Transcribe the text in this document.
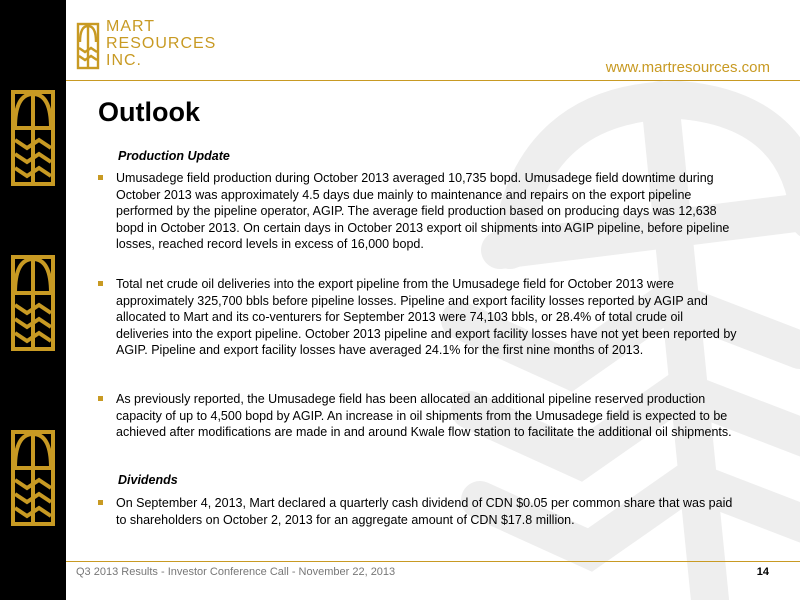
MART
RESOURCES
INC.	www.martresources.com
Outlook
Production Update
Umusadege field production during October 2013 averaged 10,735 bopd. Umusadege field downtime during October 2013 was approximately 4.5 days due mainly to maintenance and repairs on the export pipeline performed by the pipeline operator, AGIP. The average field production based on producing days was 12,638 bopd in October 2013. On certain days in October 2013 export oil shipments into AGIP pipeline, before pipeline losses, reached record levels in excess of 16,000 bopd.
Total net crude oil deliveries into the export pipeline from the Umusadege field for October 2013 were approximately 325,700 bbls before pipeline losses. Pipeline and export facility losses reported by AGIP and allocated to Mart and its co-venturers for September 2013 were 74,103 bbls, or 28.4% of total crude oil deliveries into the export pipeline. October 2013 pipeline and export facility losses have not yet been reported by AGIP. Pipeline and export facility losses have averaged 24.1% for the first nine months of 2013.
As previously reported, the Umusadege field has been allocated an additional pipeline reserved production capacity of up to 4,500 bopd by AGIP. An increase in oil shipments from the Umusadege field is expected to be achieved after modifications are made in and around Kwale flow station to facilitate the additional oil shipments.
Dividends
On September 4, 2013, Mart declared a quarterly cash dividend of CDN $0.05 per common share that was paid to shareholders on October 2, 2013 for an aggregate amount of CDN $17.8 million.
Q3 2013 Results - Investor Conference Call - November 22, 2013	14
